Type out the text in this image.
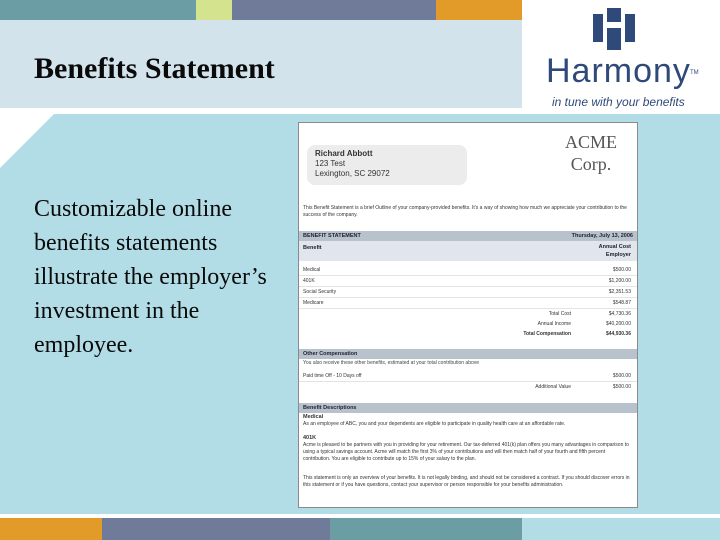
Benefits Statement	Harmony TM
in tune with your benefits
Customizable online benefits statements illustrate the employer’s investment in the employee.
Richard Abbott
123 Test
Lexington, SC 29072
ACME
Corp.
This Benefit Statement is a brief Outline of your company-provided benefits. It’s a way of showing how much we appreciate your contribution to the success of the company.
BENEFIT STATEMENT	Thursday, July 13, 2006
Benefit	Annual Cost
Employer
Medical	$500.00
401K	$1,200.00
Social Security	$2,351.53
Medicare	$548.87
Total Cost	$4,730.36
Annual Income	$40,200.00
Total Compensation	$44,930.36
Other Compensation
You also receive these other benefits, estimated at your total contribution above
Paid time Off - 10 Days off	$500.00
Additional Value	$500.00
Benefit Descriptions
Medical
As an employee of ABC, you and your dependents are eligible to participate in quality health care at an affordable rate.
401K
Acme is pleased to be partners with you in providing for your retirement. Our tax-deferred 401(k) plan offers you many advantages in comparison to using a typical savings account. Acme will match the first 3% of your contributions and will then match half of your fourth and fifth percent contribution. You are eligible to contribute up to 15% of your salary to the plan.
This statement is only an overview of your benefits. It is not legally binding, and should not be considered a contract. If you should discover errors in this statement or if you have questions, contact your supervisor or person responsible for your benefits administration.
